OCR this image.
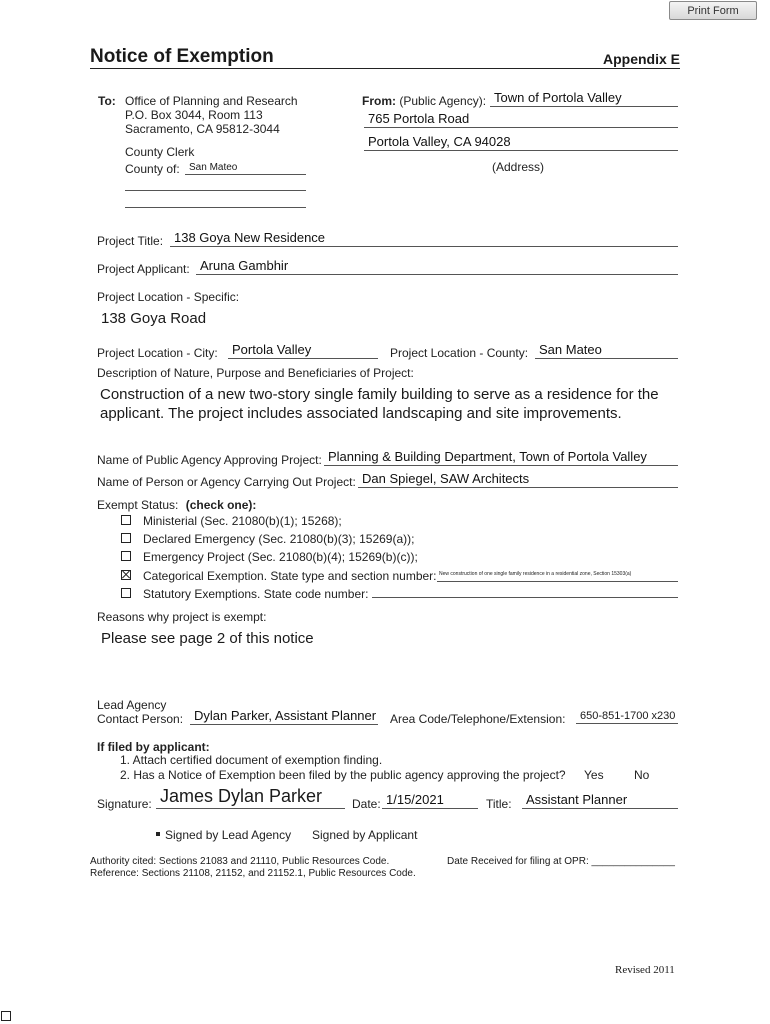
Print Form
Notice of Exemption	Appendix E
To: Office of Planning and Research
P.O. Box 3044, Room 113
Sacramento, CA 95812-3044
County Clerk
County of: San Mateo
From: (Public Agency): Town of Portola Valley
765 Portola Road
Portola Valley, CA 94028
(Address)
Project Title: 138 Goya New Residence
Project Applicant: Aruna Gambhir
Project Location - Specific:
138 Goya Road
Project Location - City: Portola Valley	Project Location - County: San Mateo
Description of Nature, Purpose and Beneficiaries of Project:
Construction of a new two-story single family building to serve as a residence for the
applicant. The project includes associated landscaping and site improvements.
Name of Public Agency Approving Project: Planning & Building Department, Town of Portola Valley
Name of Person or Agency Carrying Out Project: Dan Spiegel, SAW Architects
Exempt Status: (check one):
Ministerial (Sec. 21080(b)(1); 15268);
Declared Emergency (Sec. 21080(b)(3); 15269(a));
Emergency Project (Sec. 21080(b)(4); 15269(b)(c));
Categorical Exemption. State type and section number: New construction of one single family residence in a residential zone, Section 15303(a)
Statutory Exemptions. State code number:
Reasons why project is exempt:
Please see page 2 of this notice
Lead Agency
Contact Person: Dylan Parker, Assistant Planner Area Code/Telephone/Extension: 650-851-1700 x230
If filed by applicant:
1. Attach certified document of exemption finding.
2. Has a Notice of Exemption been filed by the public agency approving the project? Yes	No
Signature: James Dylan Parker Date: 1/15/2021	Title: Assistant Planner
Signed by Lead Agency Signed by Applicant
Authority cited: Sections 21083 and 21110, Public Resources Code.
Reference: Sections 21108, 21152, and 21152.1, Public Resources Code.
Date Received for filing at OPR: _______________
Revised 2011
